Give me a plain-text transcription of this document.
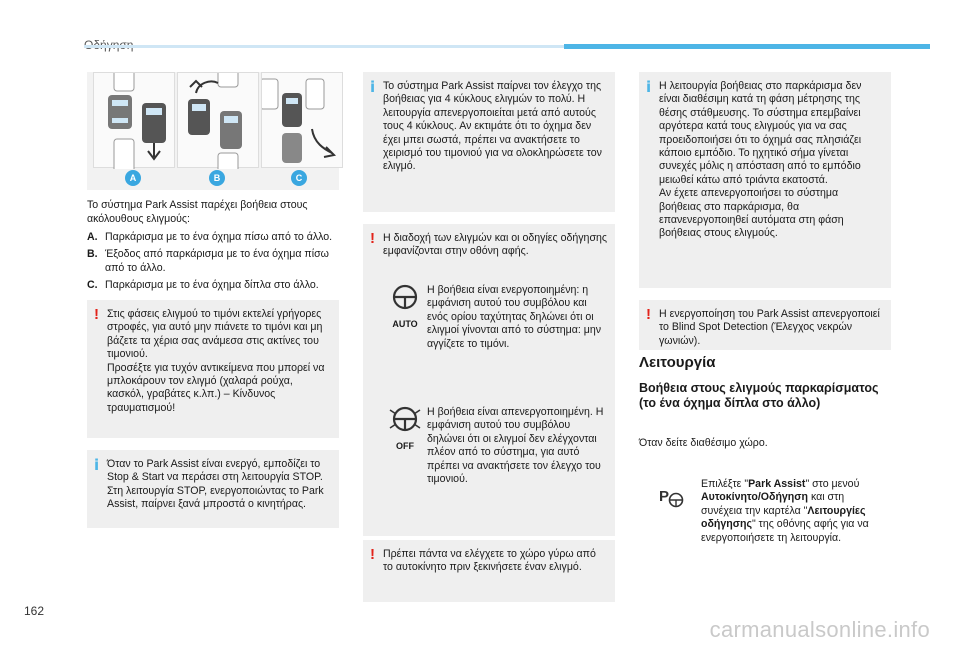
A	B	C

Το σύστημα Park Assist παρέχει βοήθεια στους ακόλουθους ελιγμούς:

A. Παρκάρισμα με το ένα όχημα πίσω από το άλλο.
B. Έξοδος από παρκάρισμα με το ένα όχημα πίσω από το άλλο.
C. Παρκάρισμα με το ένα όχημα δίπλα στο άλλο.
! Στις φάσεις ελιγμού το τιμόνι εκτελεί γρήγορες στροφές, για αυτό μην πιάνετε το τιμόνι και μη βάζετε τα χέρια σας ανάμεσα στις ακτίνες του τιμονιού.
Προσέξτε για τυχόν αντικείμενα που μπορεί να μπλοκάρουν τον ελιγμό (χαλαρά ρούχα, κασκόλ, γραβάτες κ.λπ.) – Κίνδυνος τραυματισμού!
i Όταν το Park Assist είναι ενεργό, εμποδίζει το Stop & Start να περάσει στη λειτουργία STOP. Στη λειτουργία STOP, ενεργοποιώντας το Park Assist, παίρνει ξανά μπροστά ο κινητήρας.
i Το σύστημα Park Assist παίρνει τον έλεγχο της βοήθειας για 4 κύκλους ελιγμών το πολύ. Η λειτουργία απενεργοποιείται μετά από αυτούς τους 4 κύκλους. Αν εκτιμάτε ότι το όχημα δεν έχει μπει σωστά, πρέπει να ανακτήσετε το χειρισμό του τιμονιού για να ολοκληρώσετε τον ελιγμό.
! Η διαδοχή των ελιγμών και οι οδηγίες οδήγησης εμφανίζονται στην οθόνη αφής.
AUTO
Η βοήθεια είναι ενεργοποιημένη: η εμφάνιση αυτού του συμβόλου και ενός ορίου ταχύτητας δηλώνει ότι οι ελιγμοί γίνονται από το σύστημα: μην αγγίζετε το τιμόνι.
OFF
Η βοήθεια είναι απενεργοποιημένη. Η εμφάνιση αυτού του συμβόλου δηλώνει ότι οι ελιγμοί δεν ελέγχονται πλέον από το σύστημα, για αυτό πρέπει να ανακτήσετε τον έλεγχο του τιμονιού.
! Πρέπει πάντα να ελέγχετε το χώρο γύρω από το αυτοκίνητο πριν ξεκινήσετε έναν ελιγμό.
i Η λειτουργία βοήθειας στο παρκάρισμα δεν είναι διαθέσιμη κατά τη φάση μέτρησης της θέσης στάθμευσης. Το σύστημα επεμβαίνει αργότερα κατά τους ελιγμούς για να σας προειδοποιήσει ότι το όχημά σας πλησιάζει κάποιο εμπόδιο. Το ηχητικό σήμα γίνεται συνεχές μόλις η απόσταση από το εμπόδιο μειωθεί κάτω από τριάντα εκατοστά.
Αν έχετε απενεργοποιήσει το σύστημα βοήθειας στο παρκάρισμα, θα επανενεργοποιηθεί αυτόματα στη φάση βοήθειας στους ελιγμούς.
! Η ενεργοποίηση του Park Assist απενεργοποιεί το Blind Spot Detection (Έλεγχος νεκρών γωνιών).
Λειτουργία
Βοήθεια στους ελιγμούς παρκαρίσματος (το ένα όχημα δίπλα στο άλλο)
Όταν δείτε διαθέσιμο χώρο.
P
Επιλέξτε "Park Assist" στο μενού Αυτοκίνητο/Οδήγηση και στη συνέχεια την καρτέλα "Λειτουργίες οδήγησης" της οθόνης αφής για να ενεργοποιήσετε τη λειτουργία.
162
carmanualsonline.info
